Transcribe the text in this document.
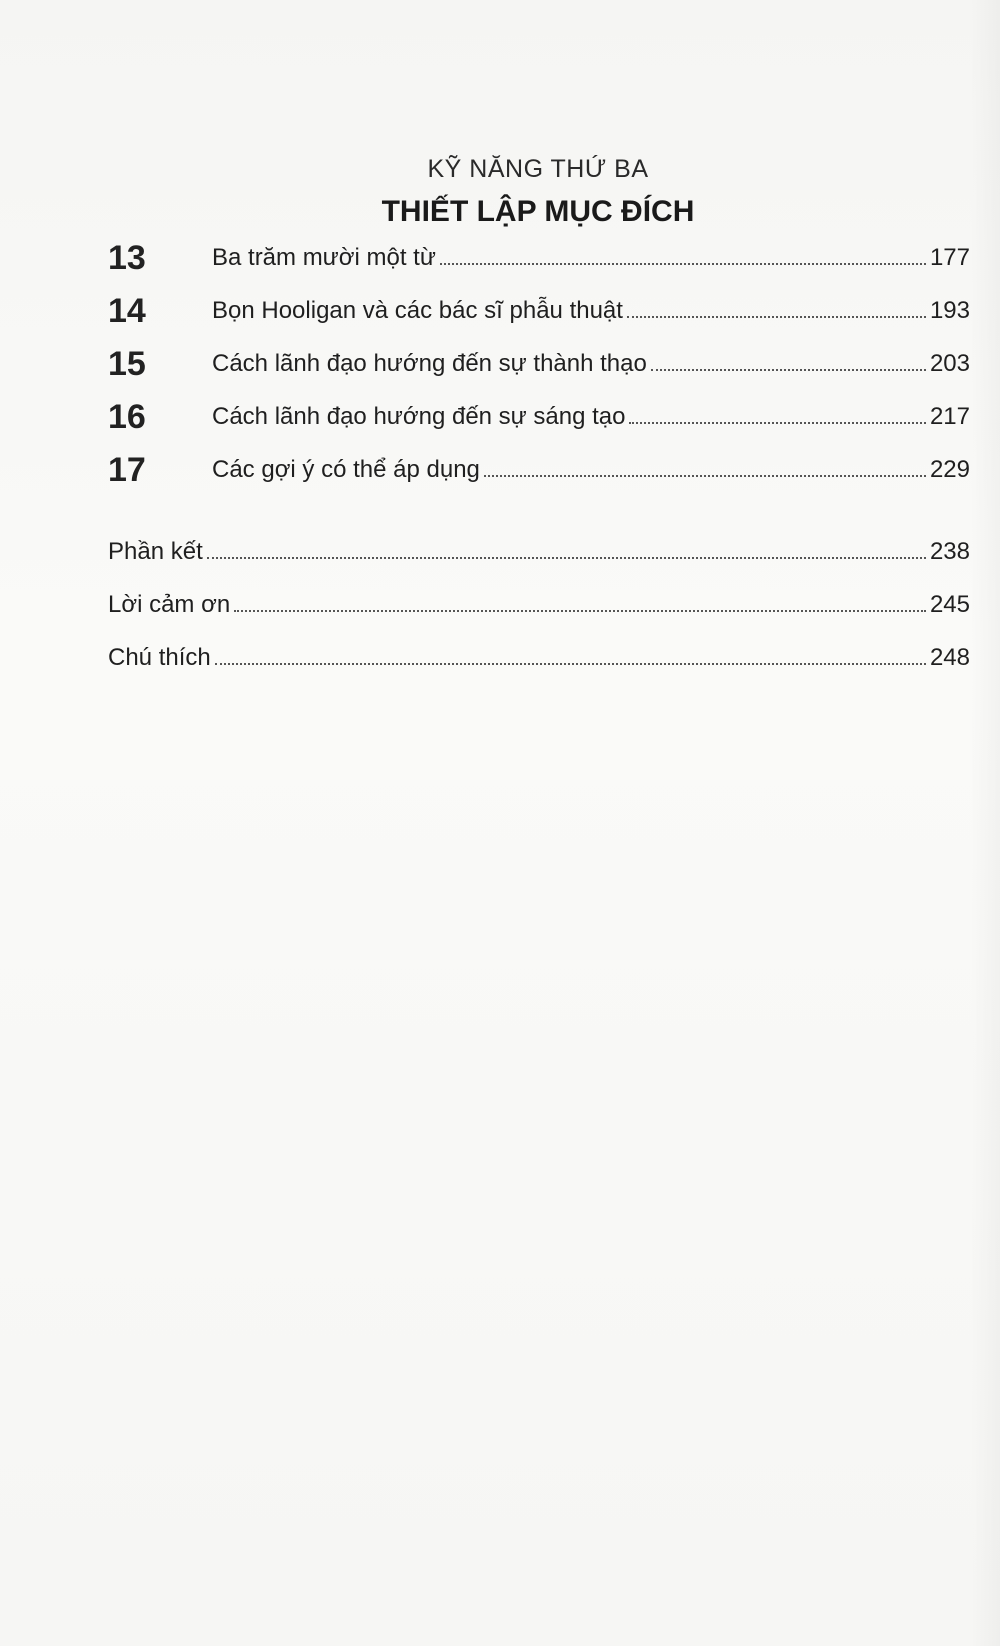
KỸ NĂNG THỨ BA
THIẾT LẬP MỤC ĐÍCH
13	Ba trăm mười một từ	177
14	Bọn Hooligan và các bác sĩ phẫu thuật	193
15	Cách lãnh đạo hướng đến sự thành thạo	203
16	Cách lãnh đạo hướng đến sự sáng tạo	217
17	Các gợi ý có thể áp dụng	229
Phần kết	238
Lời cảm ơn	245
Chú thích	248
